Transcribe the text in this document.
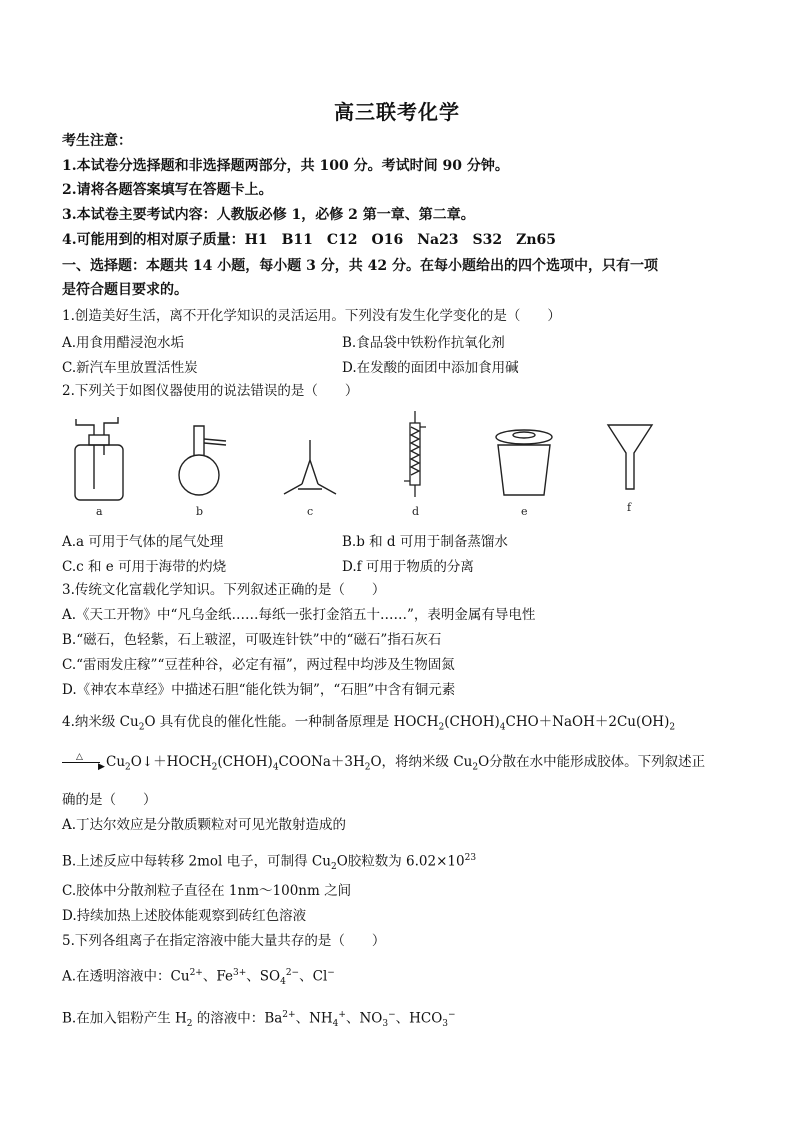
高三联考化学
考生注意：
1.本试卷分选择题和非选择题两部分，共 100 分。考试时间 90 分钟。
2.请将各题答案填写在答题卡上。
3.本试卷主要考试内容：人教版必修 1，必修 2 第一章、第二章。
4.可能用到的相对原子质量：H1　B11　C12　O16　Na23　S32　Zn65
一、选择题：本题共 14 小题，每小题 3 分，共 42 分。在每小题给出的四个选项中，只有一项
是符合题目要求的。
1.创造美好生活，离不开化学知识的灵活运用。下列没有发生化学变化的是（　　）
A.用食用醋浸泡水垢	B.食品袋中铁粉作抗氧化剂
C.新汽车里放置活性炭	D.在发酸的面团中添加食用碱
2.下列关于如图仪器使用的说法错误的是（　　）
a	b	c	d	e	f
A.a 可用于气体的尾气处理	B.b 和 d 可用于制备蒸馏水
C.c 和 e 可用于海带的灼烧	D.f 可用于物质的分离
3.传统文化富载化学知识。下列叙述正确的是（　　）
A.《天工开物》中“凡乌金纸……每纸一张打金箔五十……”，表明金属有导电性
B.“磁石，色轻紫，石上皲涩，可吸连针铁”中的“磁石”指石灰石
C.“雷雨发庄稼”“豆茬种谷，必定有福”，两过程中均涉及生物固氮
D.《神农本草经》中描述石胆“能化铁为铜”，“石胆”中含有铜元素
4.纳米级 $Cu_2O$ 具有优良的催化性能。一种制备原理是 $HOCH_2(CHOH)_4CHO+NaOH+2Cu(OH)_2$
△
▶ $Cu_2O↓+HOCH_2(CHOH)_4COONa+3H_2O$，将纳米级 $Cu_2O$分散在水中能形成胶体。下列叙述正
确的是（　　）
A.丁达尔效应是分散质颗粒对可见光散射造成的
B.上述反应中每转移 2mol 电子，可制得 $Cu_2O$胶粒数为 $6.02\times 10^{23}$
C.胶体中分散剂粒子直径在 1nm～100nm 之间
D.持续加热上述胶体能观察到砖红色溶液
5.下列各组离子在指定溶液中能大量共存的是（　　）
A.在透明溶液中：$Cu^{2+}$、$Fe^{3+}$、$SO_4^{2-}$、Cl−
B.在加入铝粉产生 $H_2$ 的溶液中：$Ba^{2+}$、$NH_4^+$、$NO_3^-$、$HCO_3^-$
